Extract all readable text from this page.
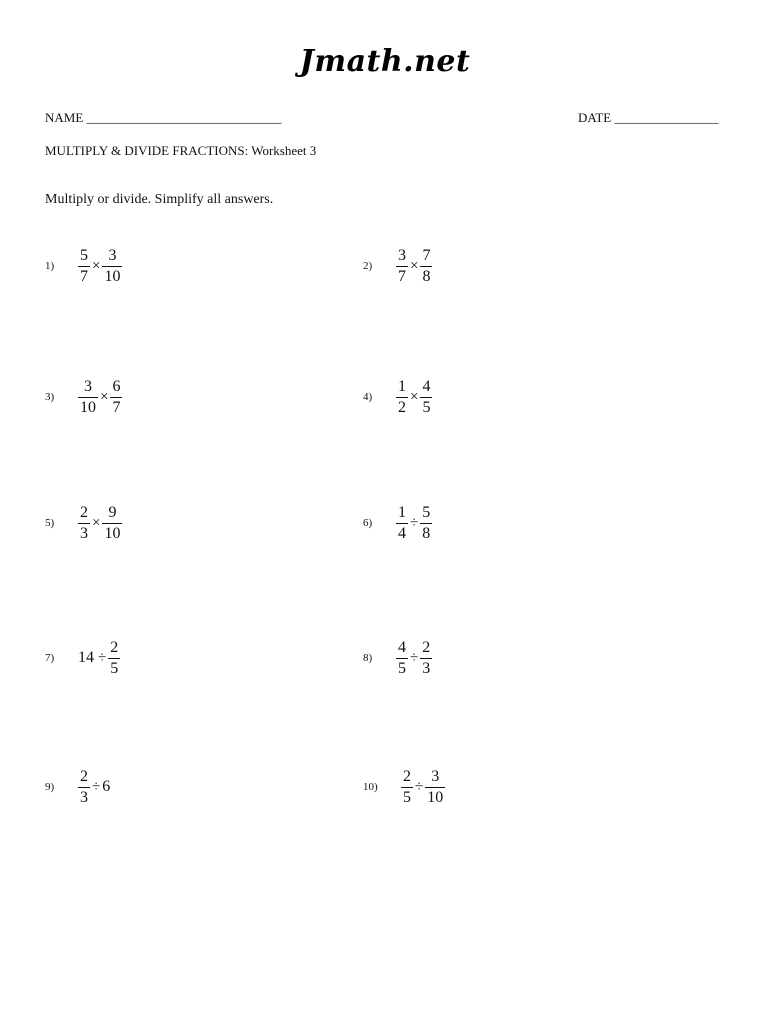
Jmath.net
NAME ______________________________	DATE ________________
MULTIPLY & DIVIDE FRACTIONS: Worksheet 3
Multiply or divide. Simplify all answers.
$1) \frac{5}{7} \times \frac{3}{10}$	$2) \frac{3}{7} \times \frac{7}{8}$
$3) \frac{3}{10} \times \frac{6}{7}$	$4) \frac{1}{2} \times \frac{4}{5}$
$5) \frac{2}{3} \times \frac{9}{10}$	$6) \frac{1}{4} \div \frac{5}{8}$
7) $14 \div \frac{2}{5}$	$8) \frac{4}{5} \div \frac{2}{3}$
$9) \frac{2}{3} \div 6$	$10) \frac{2}{5} \div \frac{3}{10}$
